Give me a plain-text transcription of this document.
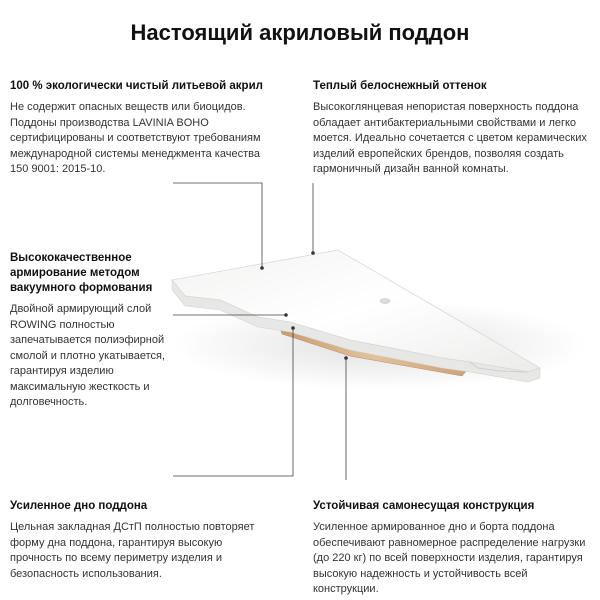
Настоящий акриловый поддон
100 % экологически чистый литьевой акрил

Не содержит опасных веществ или биоцидов. Поддоны производства LAVINIA BOHO сертифицированы и соответствуют требованиям международной системы менеджмента качества 150 9001: 2015-10.

Теплый белоснежный оттенок

Высокоглянцевая непористая поверхность поддона обладает антибактериальными свойствами и легко моется. Идеально сочетается с цветом керамических изделий европейских брендов, позволяя создать гармоничный дизайн ванной комнаты.

Высококачественное армирование методом вакуумного формования

Двойной армирующий слой ROWING полностью запечатывается полиэфирной смолой и плотно укатывается, гарантируя изделию максимальную жесткость и долговечность.

Усиленное дно поддона

Цельная закладная ДСтП полностью повторяет форму дна поддона, гарантируя высокую прочность по всему периметру изделия и безопасность использования.

Устойчивая самонесущая конструкция

Усиленное армированное дно и борта поддона обеспечивают равномерное распределение нагрузки (до 220 кг) по всей поверхности изделия, гарантируя высокую надежность и устойчивость всей конструкции.
